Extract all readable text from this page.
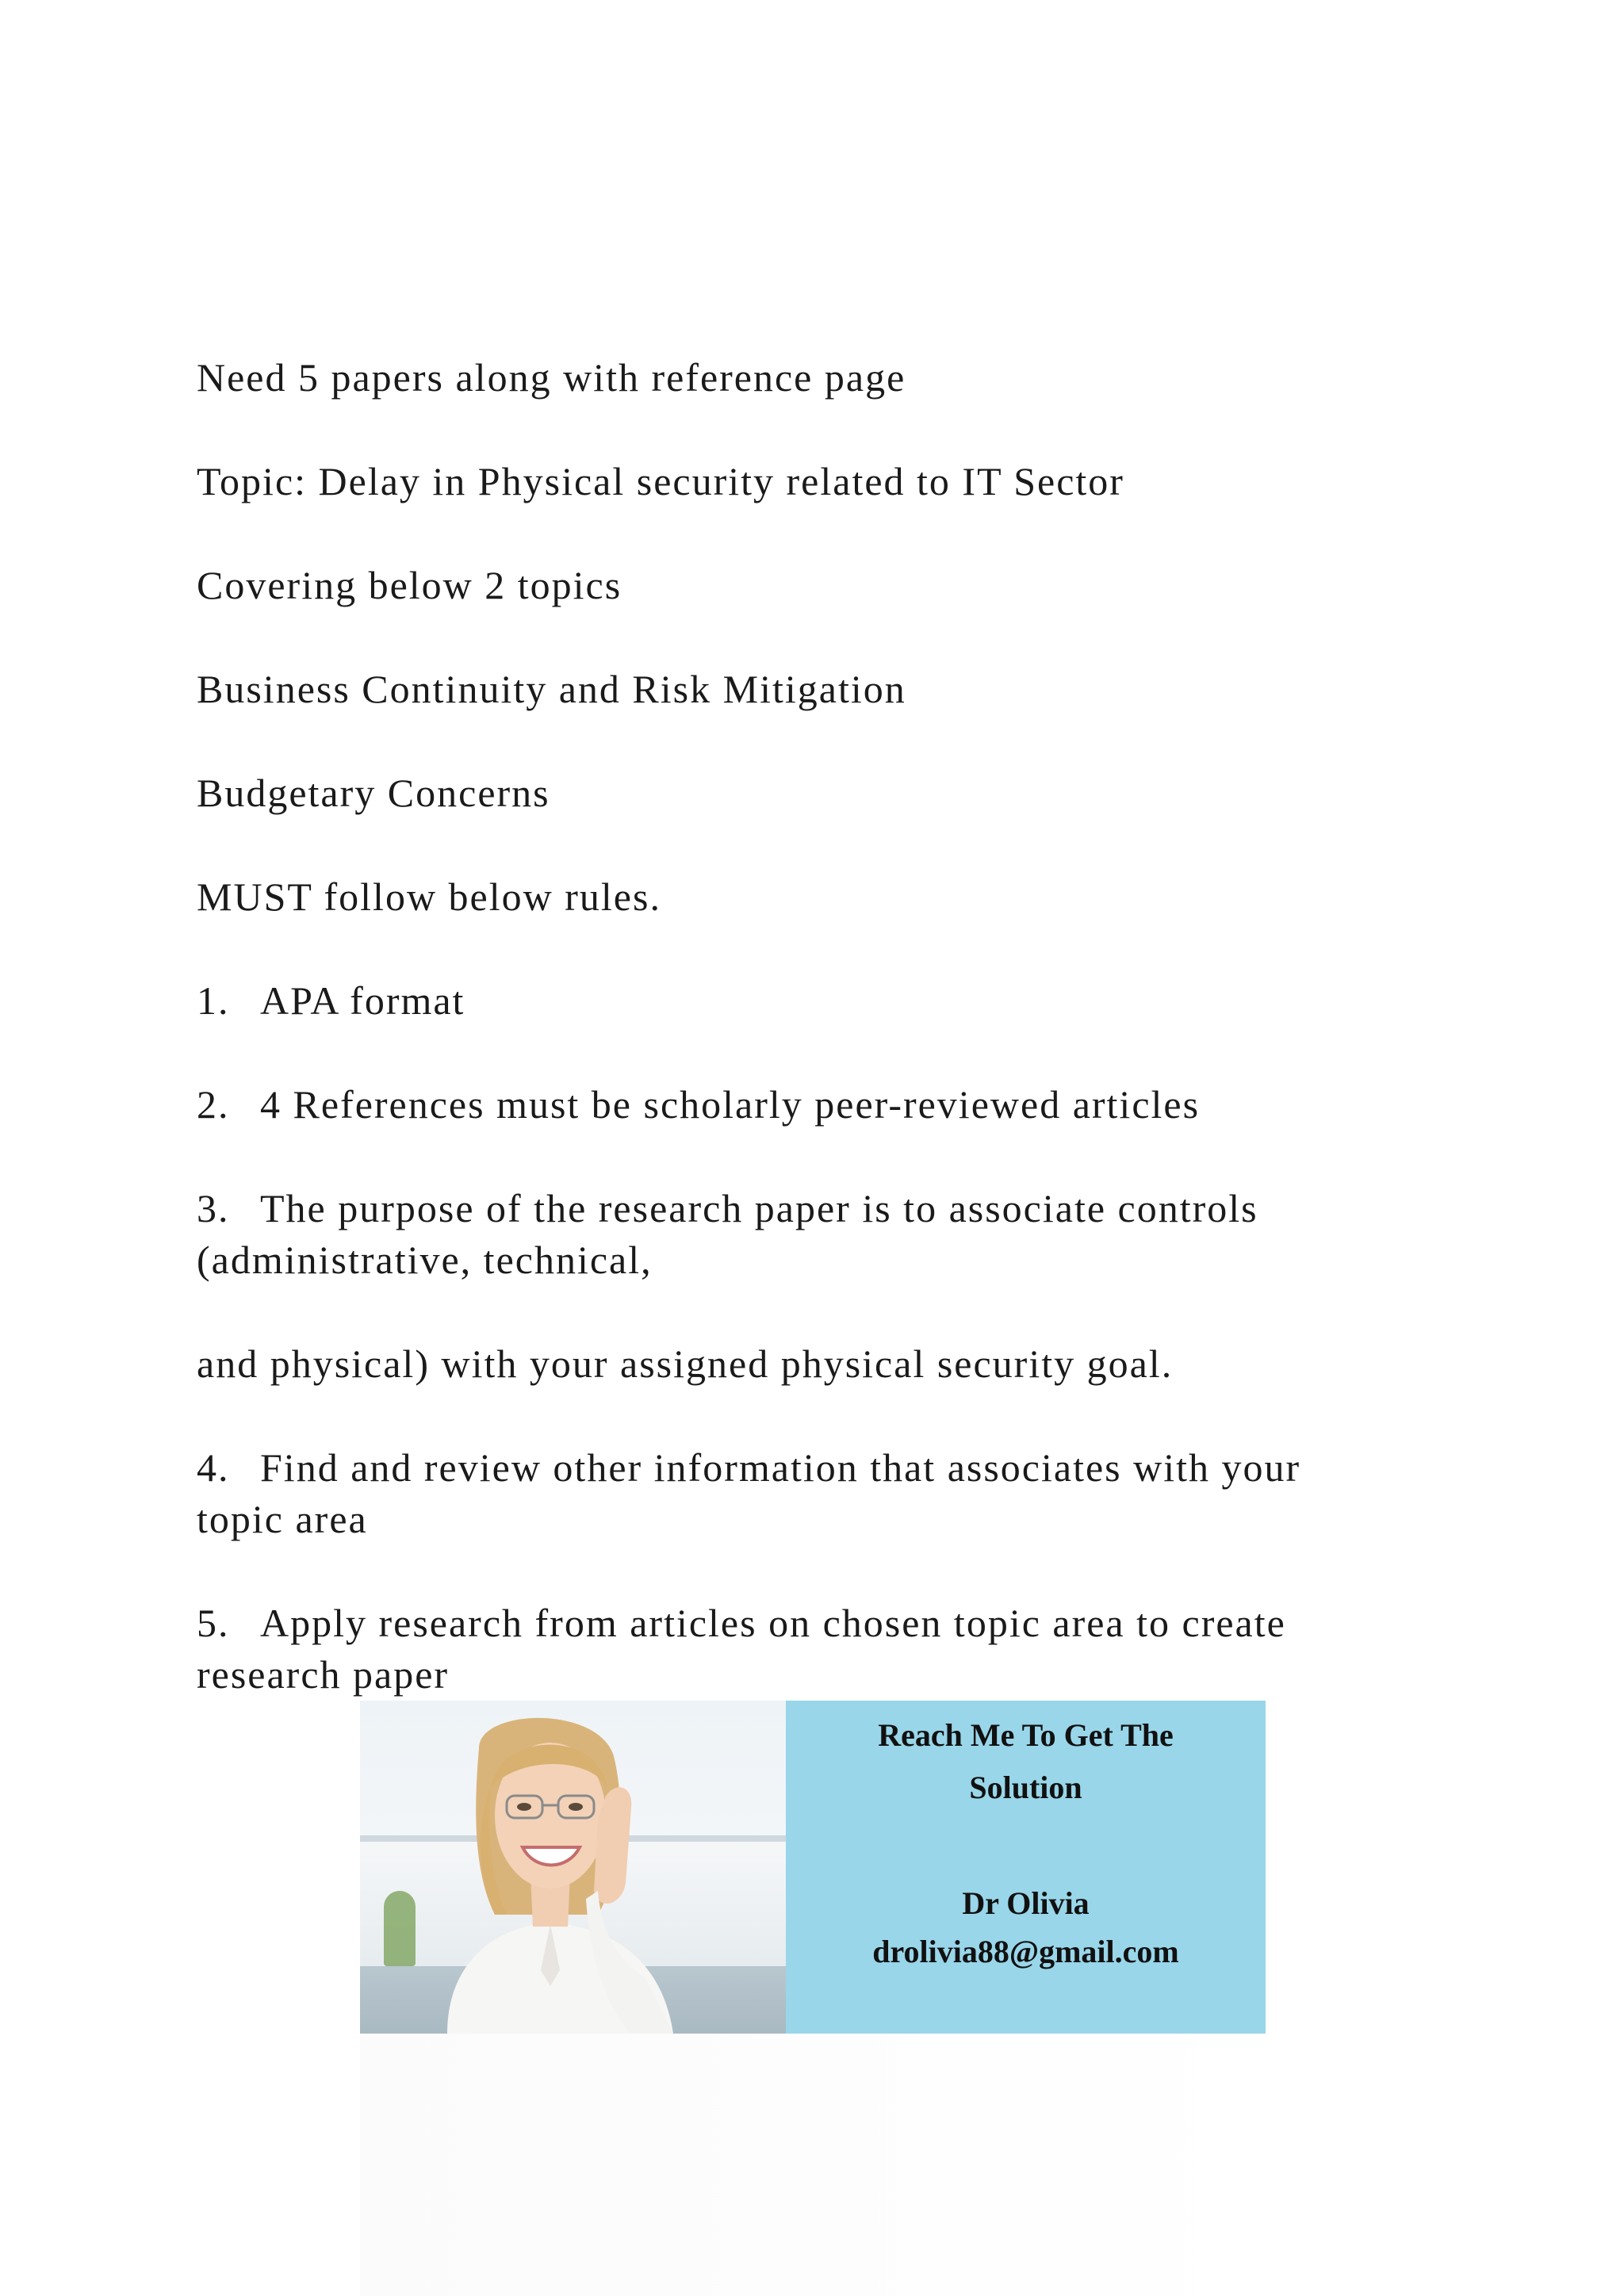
Need 5 papers along with reference page

Topic: Delay in Physical security related to IT Sector

Covering below 2 topics

Business Continuity and Risk Mitigation

Budgetary Concerns

MUST follow below rules.

1. APA format

2. 4 References must be scholarly peer-reviewed articles

3. The purpose of the research paper is to associate controls

(administrative, technical,

and physical) with your assigned physical security goal.

4. Find and review other information that associates with your

topic area

5. Apply research from articles on chosen topic area to create

research paper

Reach Me To Get The
Solution
Dr Olivia
drolivia88@gmail.com
